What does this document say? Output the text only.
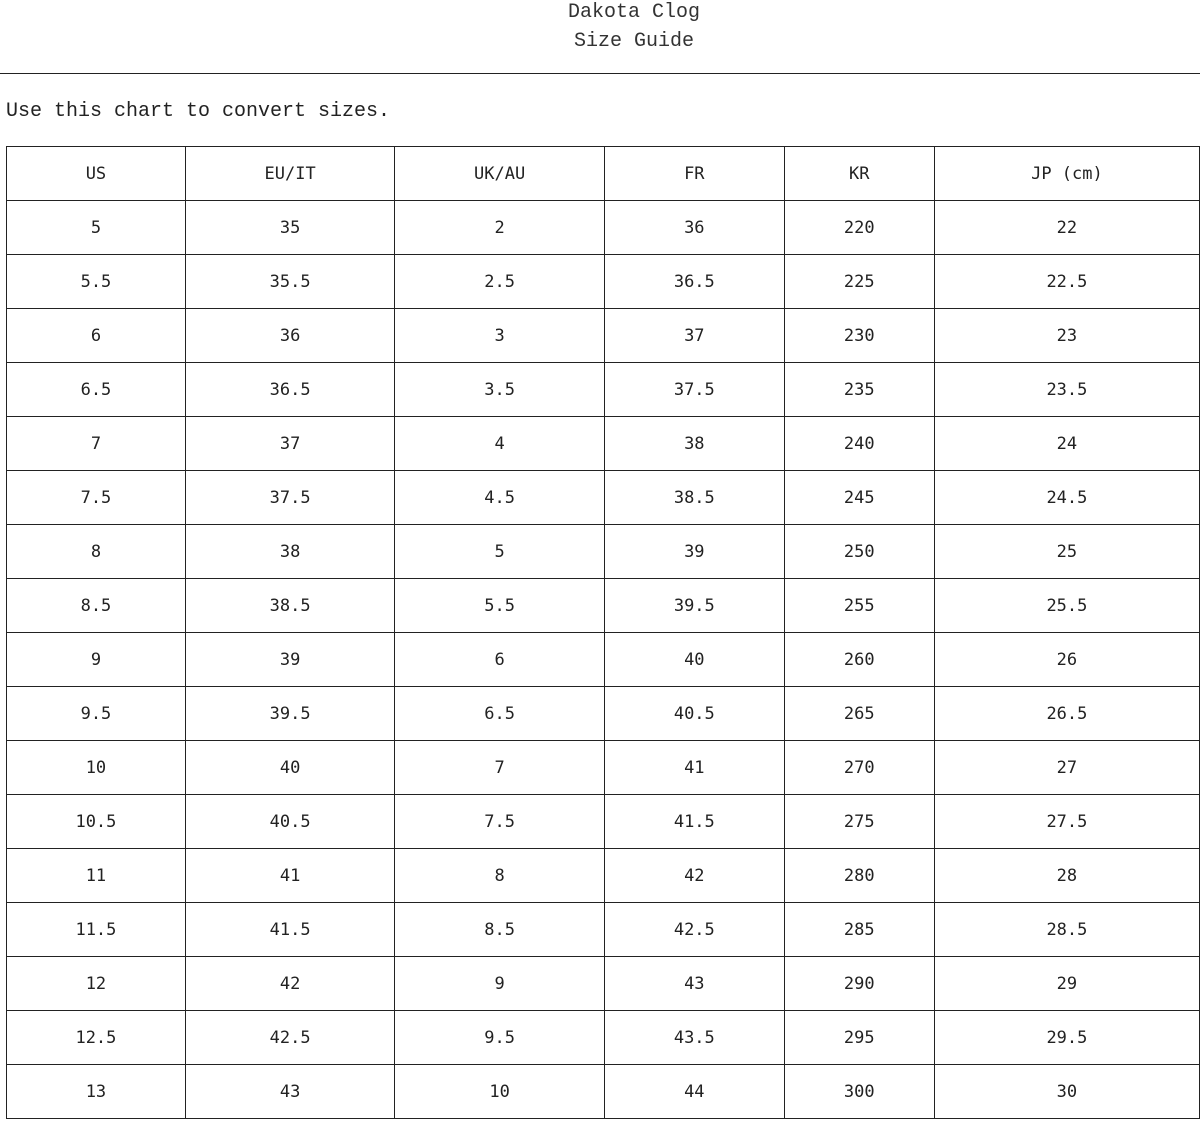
Dakota Clog
Size Guide
Use this chart to convert sizes.
US	EU/IT	UK/AU	FR	KR	JP (cm)
5	35	2	36	220	22
5.5	35.5	2.5	36.5	225	22.5
6	36	3	37	230	23
6.5	36.5	3.5	37.5	235	23.5
7	37	4	38	240	24
7.5	37.5	4.5	38.5	245	24.5
8	38	5	39	250	25
8.5	38.5	5.5	39.5	255	25.5
9	39	6	40	260	26
9.5	39.5	6.5	40.5	265	26.5
10	40	7	41	270	27
10.5	40.5	7.5	41.5	275	27.5
11	41	8	42	280	28
11.5	41.5	8.5	42.5	285	28.5
12	42	9	43	290	29
12.5	42.5	9.5	43.5	295	29.5
13	43	10	44	300	30
